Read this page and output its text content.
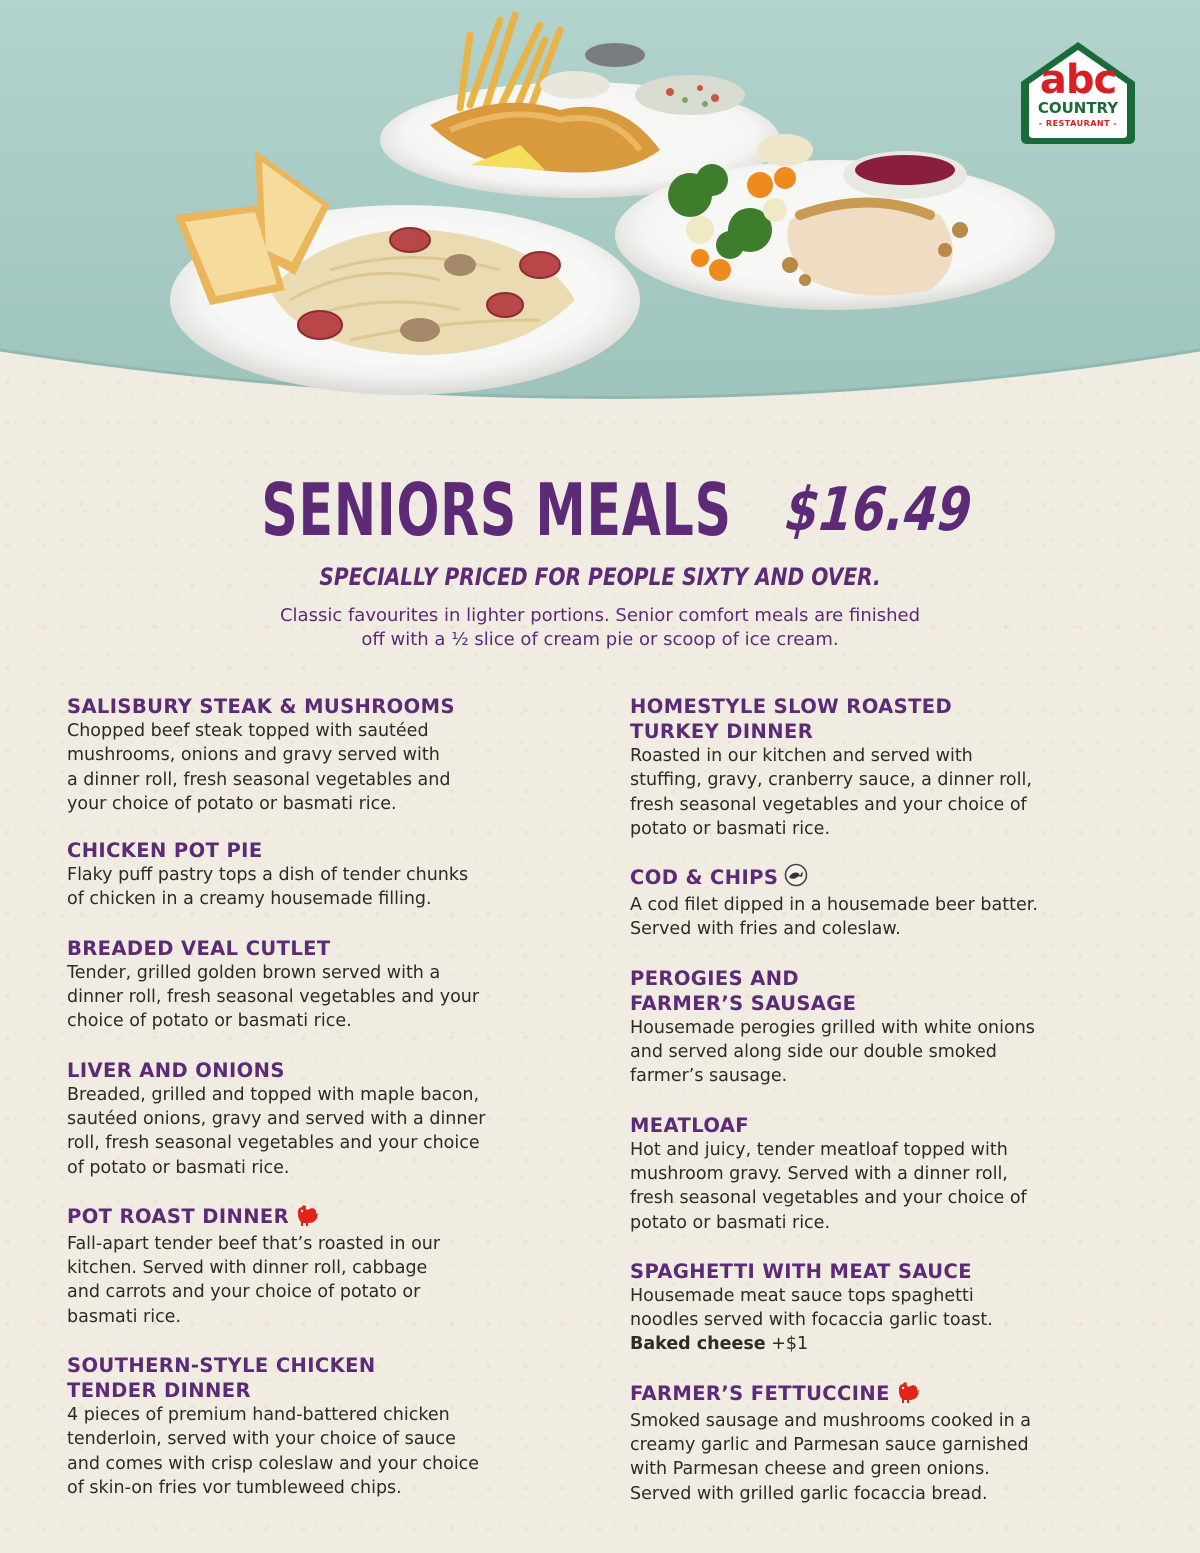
abc
COUNTRY
- RESTAURANT -
SENIORS MEALS $16.49
SPECIALLY PRICED FOR PEOPLE SIXTY AND OVER.
Classic favourites in lighter portions. Senior comfort meals are finished
off with a ½ slice of cream pie or scoop of ice cream.
SALISBURY STEAK & MUSHROOMS
Chopped beef steak topped with sautéed
mushrooms, onions and gravy served with
a dinner roll, fresh seasonal vegetables and
your choice of potato or basmati rice.
CHICKEN POT PIE
Flaky puff pastry tops a dish of tender chunks
of chicken in a creamy housemade filling.
BREADED VEAL CUTLET
Tender, grilled golden brown served with a
dinner roll, fresh seasonal vegetables and your
choice of potato or basmati rice.
LIVER AND ONIONS
Breaded, grilled and topped with maple bacon,
sautéed onions, gravy and served with a dinner
roll, fresh seasonal vegetables and your choice
of potato or basmati rice.
POT ROAST DINNER
Fall-apart tender beef that’s roasted in our
kitchen. Served with dinner roll, cabbage
and carrots and your choice of potato or
basmati rice.
SOUTHERN-STYLE CHICKEN
TENDER DINNER
4 pieces of premium hand-battered chicken
tenderloin, served with your choice of sauce
and comes with crisp coleslaw and your choice
of skin-on fries vor tumbleweed chips.
HOMESTYLE SLOW ROASTED
TURKEY DINNER
Roasted in our kitchen and served with
stuffing, gravy, cranberry sauce, a dinner roll,
fresh seasonal vegetables and your choice of
potato or basmati rice.
COD & CHIPS
A cod filet dipped in a housemade beer batter.
Served with fries and coleslaw.
PEROGIES AND
FARMER’S SAUSAGE
Housemade perogies grilled with white onions
and served along side our double smoked
farmer’s sausage.
MEATLOAF
Hot and juicy, tender meatloaf topped with
mushroom gravy. Served with a dinner roll,
fresh seasonal vegetables and your choice of
potato or basmati rice.
SPAGHETTI WITH MEAT SAUCE
Housemade meat sauce tops spaghetti
noodles served with focaccia garlic toast.
Baked cheese +$1
FARMER’S FETTUCCINE
Smoked sausage and mushrooms cooked in a
creamy garlic and Parmesan sauce garnished
with Parmesan cheese and green onions.
Served with grilled garlic focaccia bread.
